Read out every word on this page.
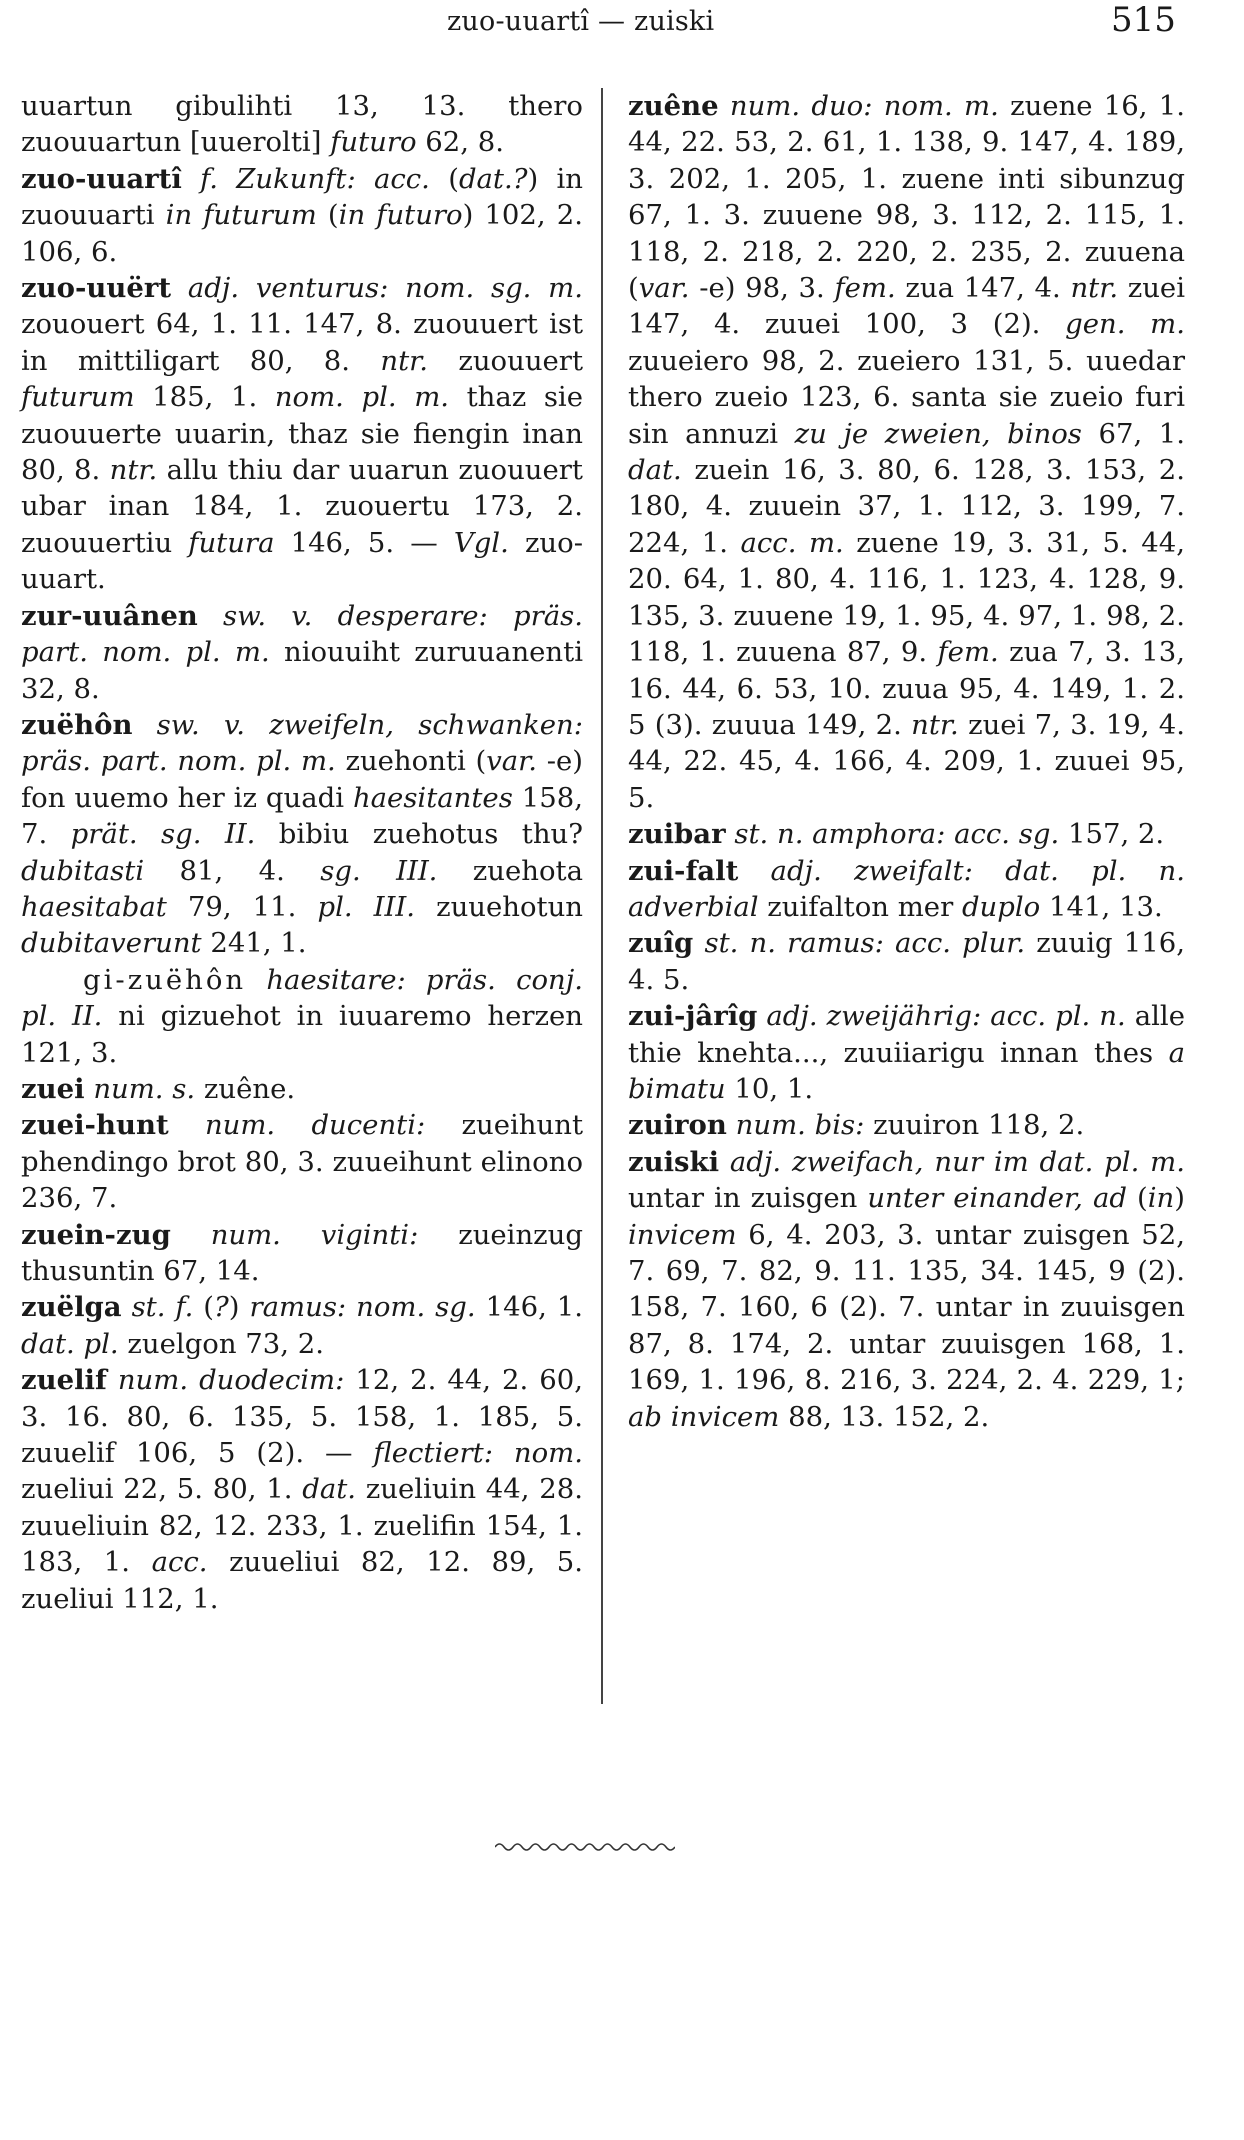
zuo-uuartî — zuiski	515

uuartun gibulihti 13, 13. thero zuouuartun [uuerolti] futuro 62, 8.

zuo-uuartî f. Zukunft: acc. (dat.?) in zuouuarti in futurum (in futuro) 102, 2. 106, 6.

zuo-uuërt adj. venturus: nom. sg. m. zououert 64, 1. 11. 147, 8. zuouuert ist in mittiligart 80, 8. ntr. zuouuert futurum 185, 1. nom. pl. m. thaz sie zuouuerte uuarin, thaz sie fiengin inan 80, 8. ntr. allu thiu dar uuarun zuouuert ubar inan 184, 1. zuouertu 173, 2. zuouuertiu futura 146, 5. — Vgl. zuo-uuart.

zur-uuânen sw. v. desperare: präs. part. nom. pl. m. niouuiht zuruuanenti 32, 8.

zuëhôn sw. v. zweifeln, schwanken: präs. part. nom. pl. m. zuehonti (var. -e) fon uuemo her iz quadi haesitantes 158, 7. prät. sg. II. bibiu zuehotus thu? dubitasti 81, 4. sg. III. zuehota haesitabat 79, 11. pl. III. zuuehotun dubitaverunt 241, 1.

gi-zuëhôn haesitare: präs. conj. pl. II. ni gizuehot in iuuaremo herzen 121, 3.

zuei num. s. zuêne.

zuei-hunt num. ducenti: zueihunt phendingo brot 80, 3. zuueihunt elinono 236, 7.

zuein-zug num. viginti: zueinzug thusuntin 67, 14.

zuëlga st. f. (?) ramus: nom. sg. 146, 1. dat. pl. zuelgon 73, 2.

zuelif num. duodecim: 12, 2. 44, 2. 60, 3. 16. 80, 6. 135, 5. 158, 1. 185, 5. zuuelif 106, 5 (2). — flectiert: nom. zueliui 22, 5. 80, 1. dat. zueliuin 44, 28. zuueliuin 82, 12. 233, 1. zuelifin 154, 1. 183, 1. acc. zuueliui 82, 12. 89, 5. zueliui 112, 1.

zuêne num. duo: nom. m. zuene 16, 1. 44, 22. 53, 2. 61, 1. 138, 9. 147, 4. 189, 3. 202, 1. 205, 1. zuene inti sibunzug 67, 1. 3. zuuene 98, 3. 112, 2. 115, 1. 118, 2. 218, 2. 220, 2. 235, 2. zuuena (var. -e) 98, 3. fem. zua 147, 4. ntr. zuei 147, 4. zuuei 100, 3 (2). gen. m. zuueiero 98, 2. zueiero 131, 5. uuedar thero zueio 123, 6. santa sie zueio furi sin annuzi zu je zweien, binos 67, 1. dat. zuein 16, 3. 80, 6. 128, 3. 153, 2. 180, 4. zuuein 37, 1. 112, 3. 199, 7. 224, 1. acc. m. zuene 19, 3. 31, 5. 44, 20. 64, 1. 80, 4. 116, 1. 123, 4. 128, 9. 135, 3. zuuene 19, 1. 95, 4. 97, 1. 98, 2. 118, 1. zuuena 87, 9. fem. zua 7, 3. 13, 16. 44, 6. 53, 10. zuua 95, 4. 149, 1. 2. 5 (3). zuuua 149, 2. ntr. zuei 7, 3. 19, 4. 44, 22. 45, 4. 166, 4. 209, 1. zuuei 95, 5.

zuibar st. n. amphora: acc. sg. 157, 2.

zui-falt adj. zweifalt: dat. pl. n. adverbial zuifalton mer duplo 141, 13.

zuîg st. n. ramus: acc. plur. zuuig 116, 4. 5.

zui-jârîg adj. zweijährig: acc. pl. n. alle thie knehta..., zuuiiarigu innan thes a bimatu 10, 1.

zuiron num. bis: zuuiron 118, 2.

zuiski adj. zweifach, nur im dat. pl. m. untar in zuisgen unter einander, ad (in) invicem 6, 4. 203, 3. untar zuisgen 52, 7. 69, 7. 82, 9. 11. 135, 34. 145, 9 (2). 158, 7. 160, 6 (2). 7. untar in zuuisgen 87, 8. 174, 2. untar zuuisgen 168, 1. 169, 1. 196, 8. 216, 3. 224, 2. 4. 229, 1; ab invicem 88, 13. 152, 2.
